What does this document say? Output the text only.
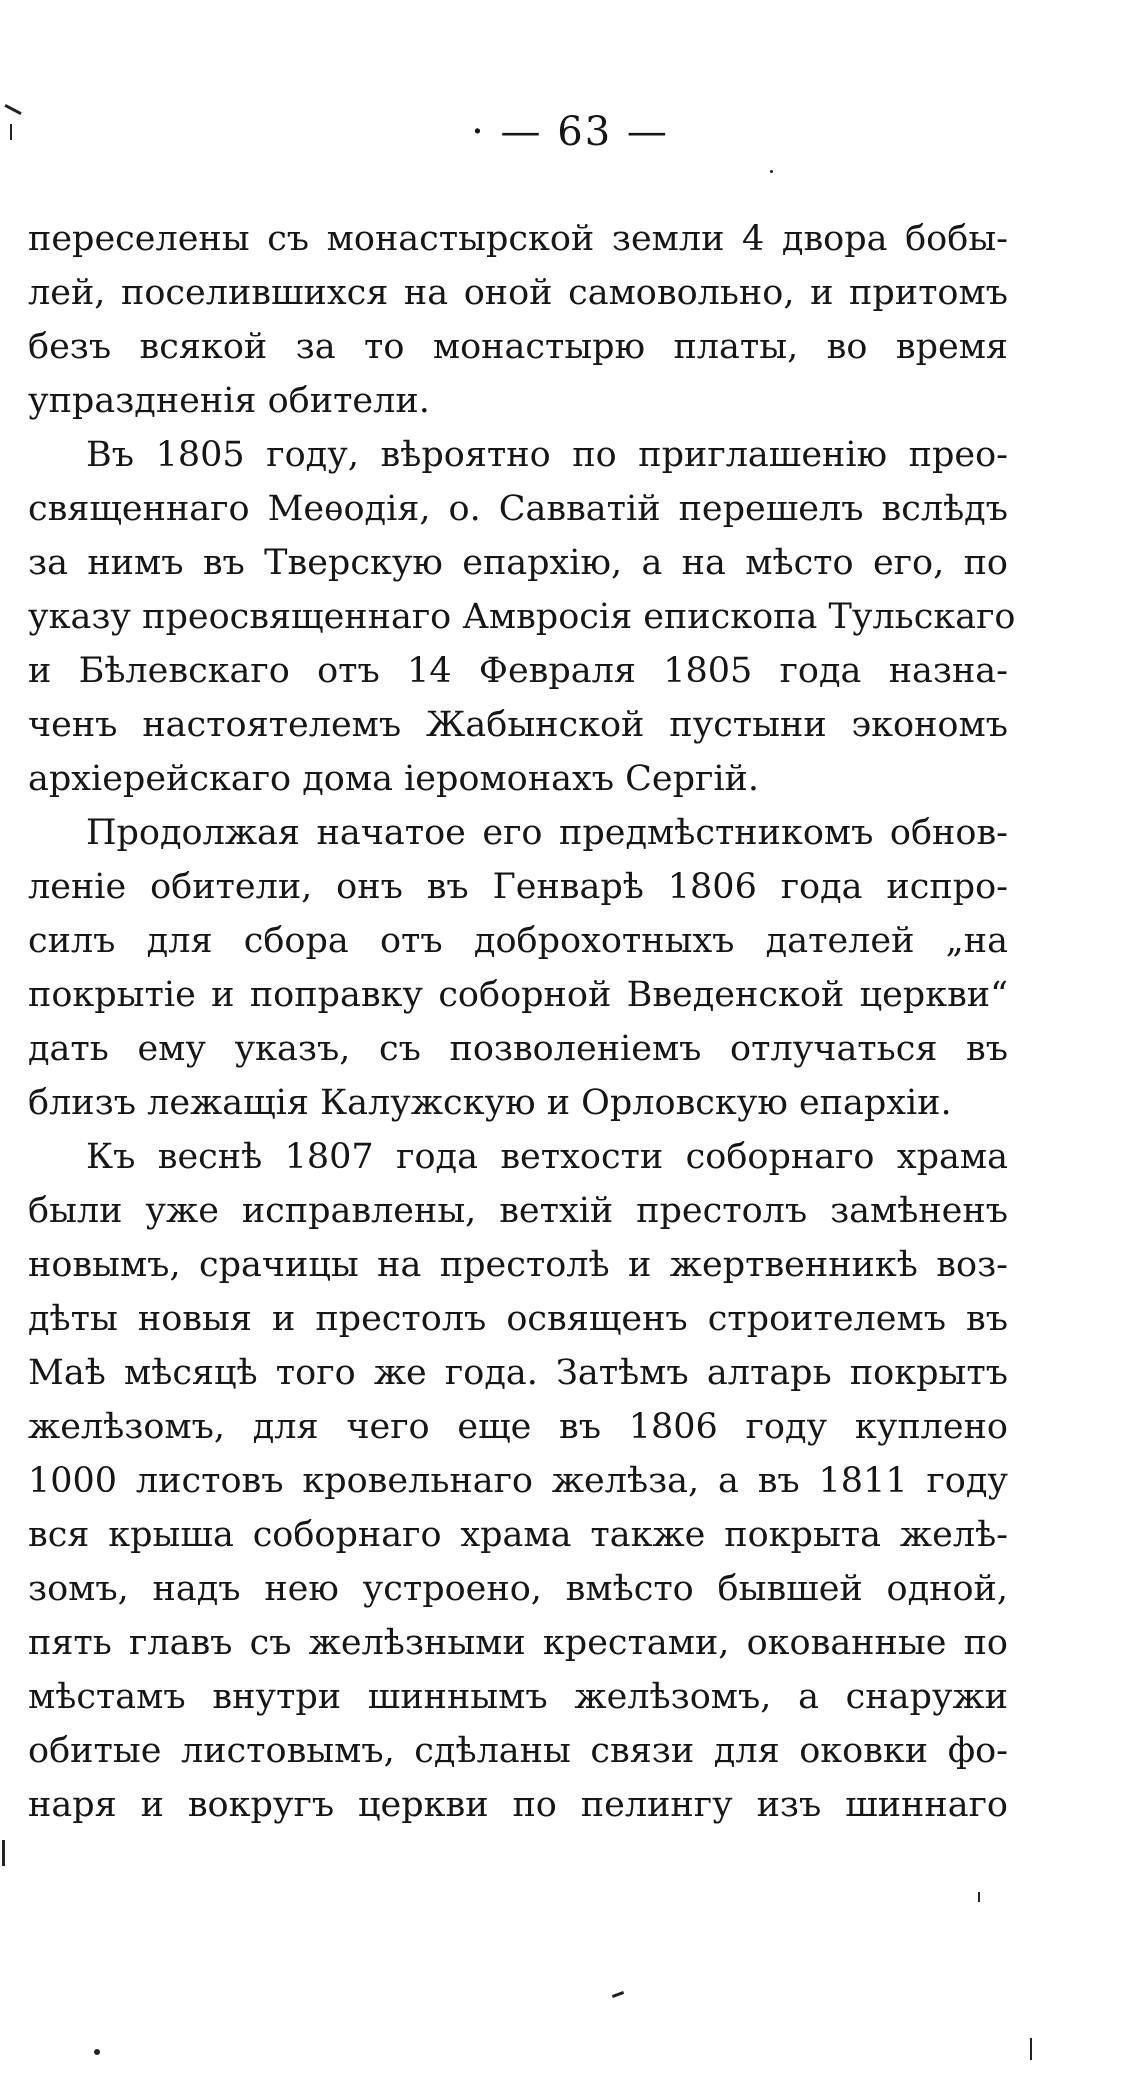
· — 63 —
переселены съ монастырской земли 4 двора бобы-
лей, поселившихся на оной самовольно, и притомъ
безъ всякой за то монастырю платы, во время
упраздненія обители.
Въ 1805 году, вѣроятно по приглашенію прео-
священнаго Меѳодія, о. Савватій перешелъ вслѣдъ
за нимъ въ Тверскую епархію, а на мѣсто его, по
указу преосвященнаго Амвросія епископа Тульскаго
и Бѣлевскаго отъ 14 Февраля 1805 года назна-
ченъ настоятелемъ Жабынской пустыни экономъ
архіерейскаго дома іеромонахъ Сергій.
Продолжая начатое его предмѣстникомъ обнов-
леніе обители, онъ въ Генварѣ 1806 года испро-
силъ для сбора отъ доброхотныхъ дателей „на
покрытіе и поправку соборной Введенской церкви“
дать ему указъ, съ позволеніемъ отлучаться въ
близъ лежащія Калужскую и Орловскую епархіи.
Къ веснѣ 1807 года ветхости соборнаго храма
были уже исправлены, ветхій престолъ замѣненъ
новымъ, срачицы на престолѣ и жертвенникѣ воз-
дѣты новыя и престолъ освященъ строителемъ въ
Маѣ мѣсяцѣ того же года. Затѣмъ алтарь покрытъ
желѣзомъ, для чего еще въ 1806 году куплено
1000 листовъ кровельнаго желѣза, а въ 1811 году
вся крыша соборнаго храма также покрыта желѣ-
зомъ, надъ нею устроено, вмѣсто бывшей одной,
пять главъ съ желѣзными крестами, окованные по
мѣстамъ внутри шиннымъ желѣзомъ, а снаружи
обитые листовымъ, сдѣланы связи для оковки фо-
наря и вокругъ церкви по пелингу изъ шиннаго
